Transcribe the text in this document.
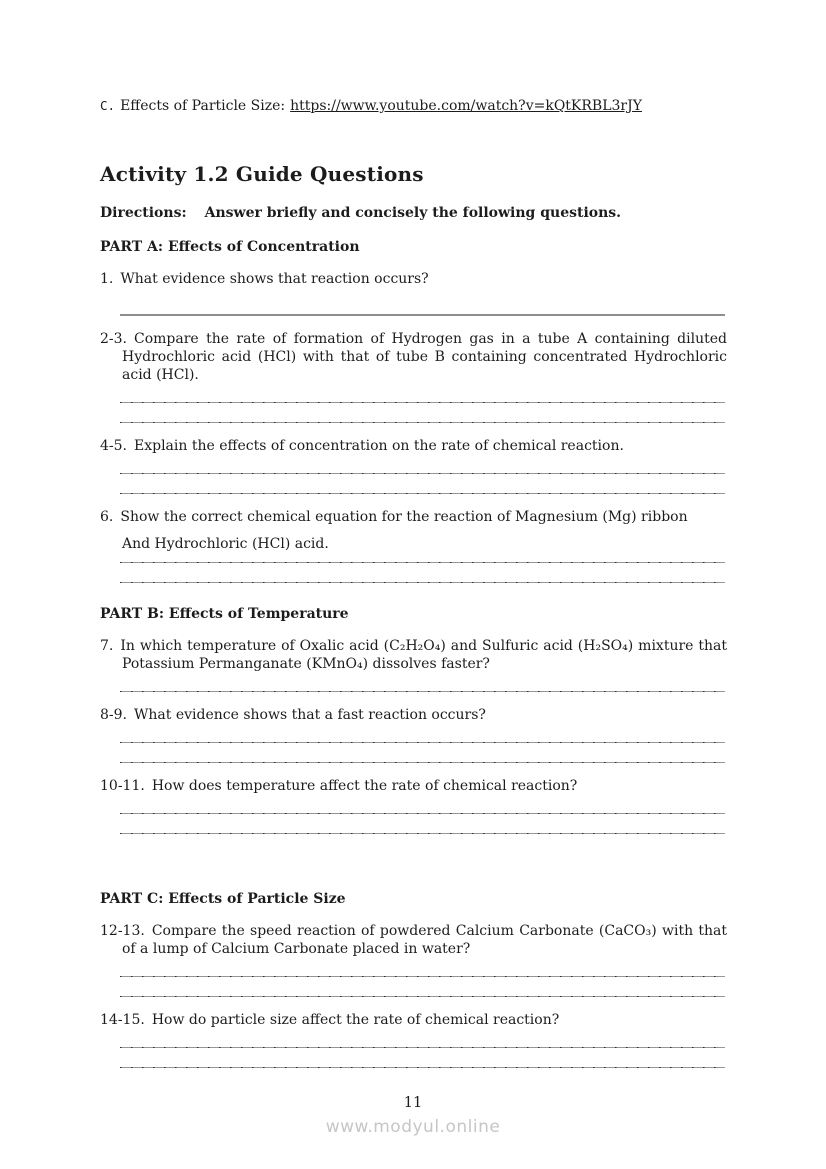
C. Effects of Particle Size: https://www.youtube.com/watch?v=kQtKRBL3rJY

Activity 1.2 Guide Questions

Directions: Answer briefly and concisely the following questions.

PART A: Effects of Concentration

1. What evidence shows that reaction occurs?

2-3. Compare the rate of formation of Hydrogen gas in a tube A containing diluted Hydrochloric acid (HCl) with that of tube B containing concentrated Hydrochloric acid (HCl).

4-5. Explain the effects of concentration on the rate of chemical reaction.

6. Show the correct chemical equation for the reaction of Magnesium (Mg) ribbon

And Hydrochloric (HCl) acid.

PART B: Effects of Temperature

7. In which temperature of Oxalic acid (C₂H₂O₄) and Sulfuric acid (H₂SO₄) mixture that Potassium Permanganate (KMnO₄) dissolves faster?

8-9. What evidence shows that a fast reaction occurs?

10-11. How does temperature affect the rate of chemical reaction?

PART C: Effects of Particle Size

12-13. Compare the speed reaction of powdered Calcium Carbonate (CaCO₃) with that of a lump of Calcium Carbonate placed in water?

14-15. How do particle size affect the rate of chemical reaction?

11
www.modyul.online
